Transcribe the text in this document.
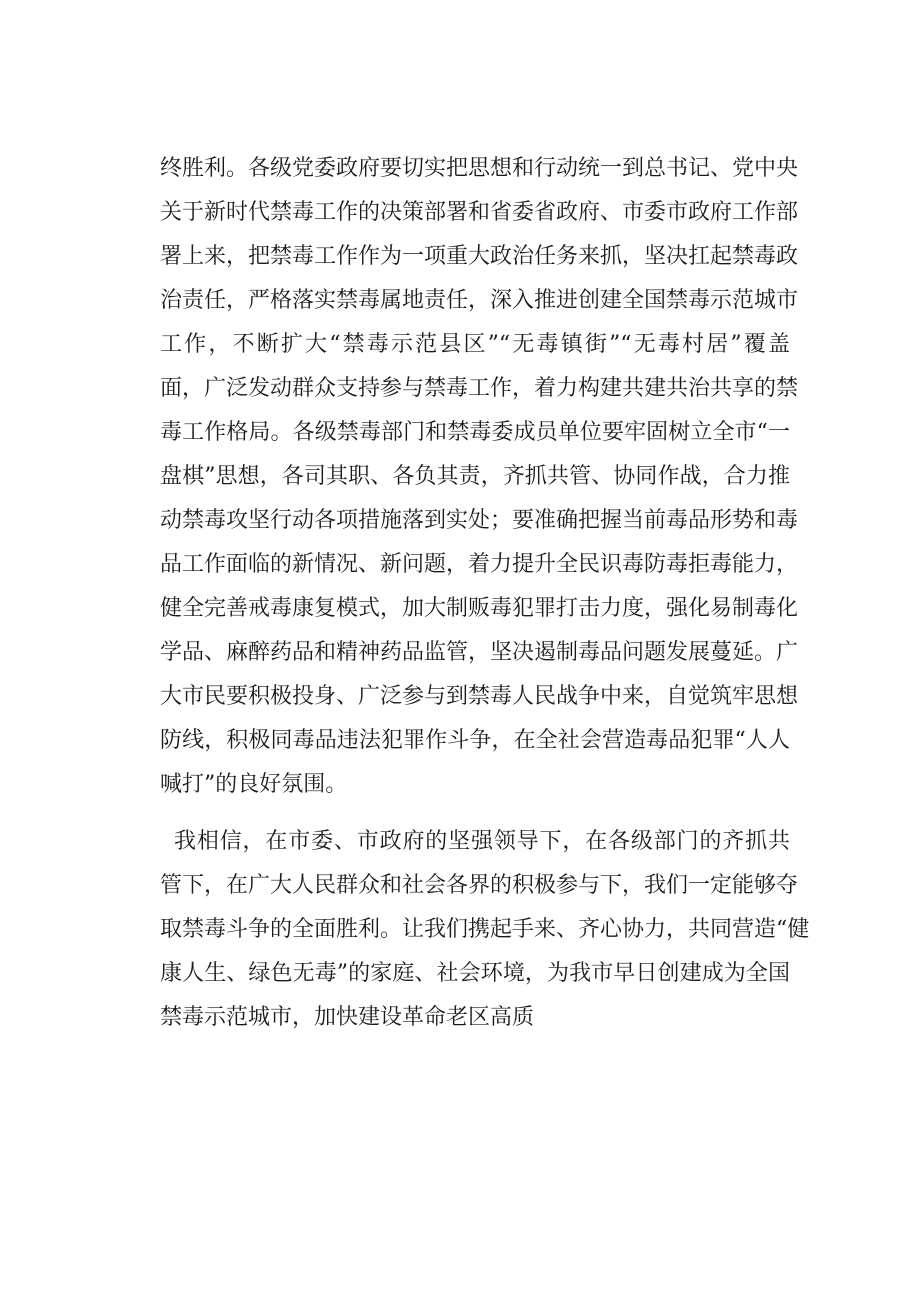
终胜利。各级党委政府要切实把思想和行动统一到总书记、党中央
关于新时代禁毒工作的决策部署和省委省政府、市委市政府工作部
署上来，把禁毒工作作为一项重大政治任务来抓，坚决扛起禁毒政
治责任，严格落实禁毒属地责任，深入推进创建全国禁毒示范城市
工作，不断扩大“禁毒示范县区”“无毒镇街”“无毒村居”覆盖
面，广泛发动群众支持参与禁毒工作，着力构建共建共治共享的禁
毒工作格局。各级禁毒部门和禁毒委成员单位要牢固树立全市“一
盘棋”思想，各司其职、各负其责，齐抓共管、协同作战，合力推
动禁毒攻坚行动各项措施落到实处；要准确把握当前毒品形势和毒
品工作面临的新情况、新问题，着力提升全民识毒防毒拒毒能力，
健全完善戒毒康复模式，加大制贩毒犯罪打击力度，强化易制毒化
学品、麻醉药品和精神药品监管，坚决遏制毒品问题发展蔓延。广
大市民要积极投身、广泛参与到禁毒人民战争中来，自觉筑牢思想
防线，积极同毒品违法犯罪作斗争，在全社会营造毒品犯罪“人人
喊打”的良好氛围。
我相信，在市委、市政府的坚强领导下，在各级部门的齐抓共
管下，在广大人民群众和社会各界的积极参与下，我们一定能够夺
取禁毒斗争的全面胜利。让我们携起手来、齐心协力，共同营造“健
康人生、绿色无毒”的家庭、社会环境，为我市早日创建成为全国
禁毒示范城市，加快建设革命老区高质
